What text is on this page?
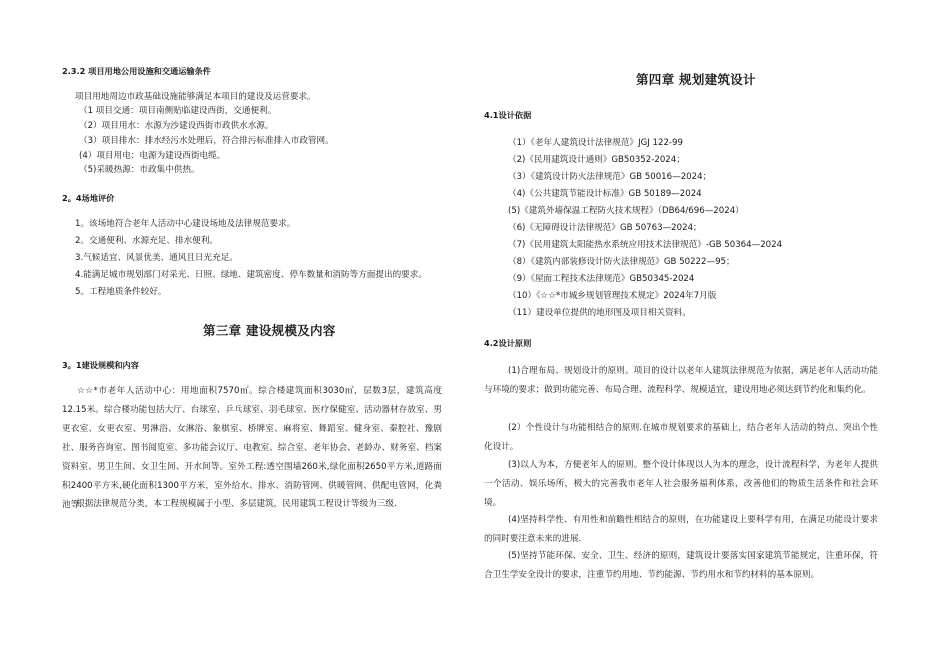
2.3.2 项目用地公用设施和交通运输条件
项目用地周边市政基础设施能够满足本项目的建设及运营要求。
（1 项目交通：项目南侧贴临建设西街，交通便利。
（2）项目用水：水源为沙建设西街市政供水水源。
（3）项目排水：排水经污水处理后，符合排污标准排入市政管网。
(4）项目用电：电源为建设西街电缆。
（5)采暖热源：市政集中供热。
2。4场地评价
1。该场地符合老年人活动中心建设场地及法律规范要求。
2。交通便利、水源充足、排水便利。
3.气候适宜、风景优美、通风且日光充足。
4.能满足城市规划部门对采光、日照、绿地、建筑密度、停车数量和消防等方面提出的要求。
5。工程地质条件较好。
第三章 建设规模及内容
3。1建设规模和内容
☆☆*市老年人活动中心：用地面积7570㎡。综合楼建筑面积3030㎡，层数3层，建筑高度12.15米。综合楼功能包括大厅、台球室、乒乓球室、羽毛球室、医疗保健室、活动器材存放室、男更衣室、女更衣室、男淋浴、女淋浴、象棋室、桥牌室、麻将室、舞蹈室、健身室、秦腔社、豫剧社、服务咨询室、图书阅览室、多功能会议厅、电教室、综合室、老年协会、老龄办、财务室、档案资料室、男卫生间、女卫生间、开水间等。室外工程:透空围墙260米,绿化面积2650平方米,道路面积2400平方米,硬化面积1300平方米，室外给水、排水、消防管网、供暖管网、供配电管网，化粪池等.
根据法律规范分类，本工程规模属于小型、多层建筑，民用建筑工程设计等级为三级.
第四章 规划建筑设计
4.1设计依据
（1）《老年人建筑设计法律规范》JGJ 122-99
（2)《民用建筑设计通则》GB50352-2024；
（3）《建筑设计防火法律规范》GB 50016—2024；
（4)《公共建筑节能设计标准》GB 50189—2024
(5)《建筑外墙保温工程防火技术规程》（DB64/696—2024）
（6)《无障碍设计法律规范》GB 50763—2024；
（7)《民用建筑太阳能热水系统应用技术法律规范》-GB 50364—2024
（8）《建筑内部装修设计防火法律规范》GB 50222—95；
（9）《屋面工程技术法律规范》GB50345-2024
（10）《☆☆*市城乡规划管理技术规定》2024年7月版
（11）建设单位提供的地形图及项目相关资料。
4.2设计原则
(1)合理布局、规划设计的原则。项目的设计以老年人建筑法律规范为依据，满足老年人活动功能与环境的要求；做到功能完善、布局合理、流程科学、规模适宜，建设用地必须达到节约化和集约化。
(2）个性设计与功能相结合的原则.在城市规划要求的基础上，结合老年人活动的特点、突出个性化设计。
(3)以人为本，方便老年人的原则。整个设计体现以人为本的理念，设计流程科学，为老年人提供一个活动、娱乐场所，极大的完善我市老年人社会服务福利体系，改善他们的物质生活条件和社会环境。
(4)坚持科学性、有用性和前瞻性相结合的原则，在功能建设上要科学有用，在满足功能设计要求的同时要注意未来的进展.
(5)坚持节能环保、安全、卫生、经济的原则，建筑设计要落实国家建筑节能规定，注重环保，符合卫生学安全设计的要求，注重节约用地、节约能源、节约用水和节约材料的基本原则。
